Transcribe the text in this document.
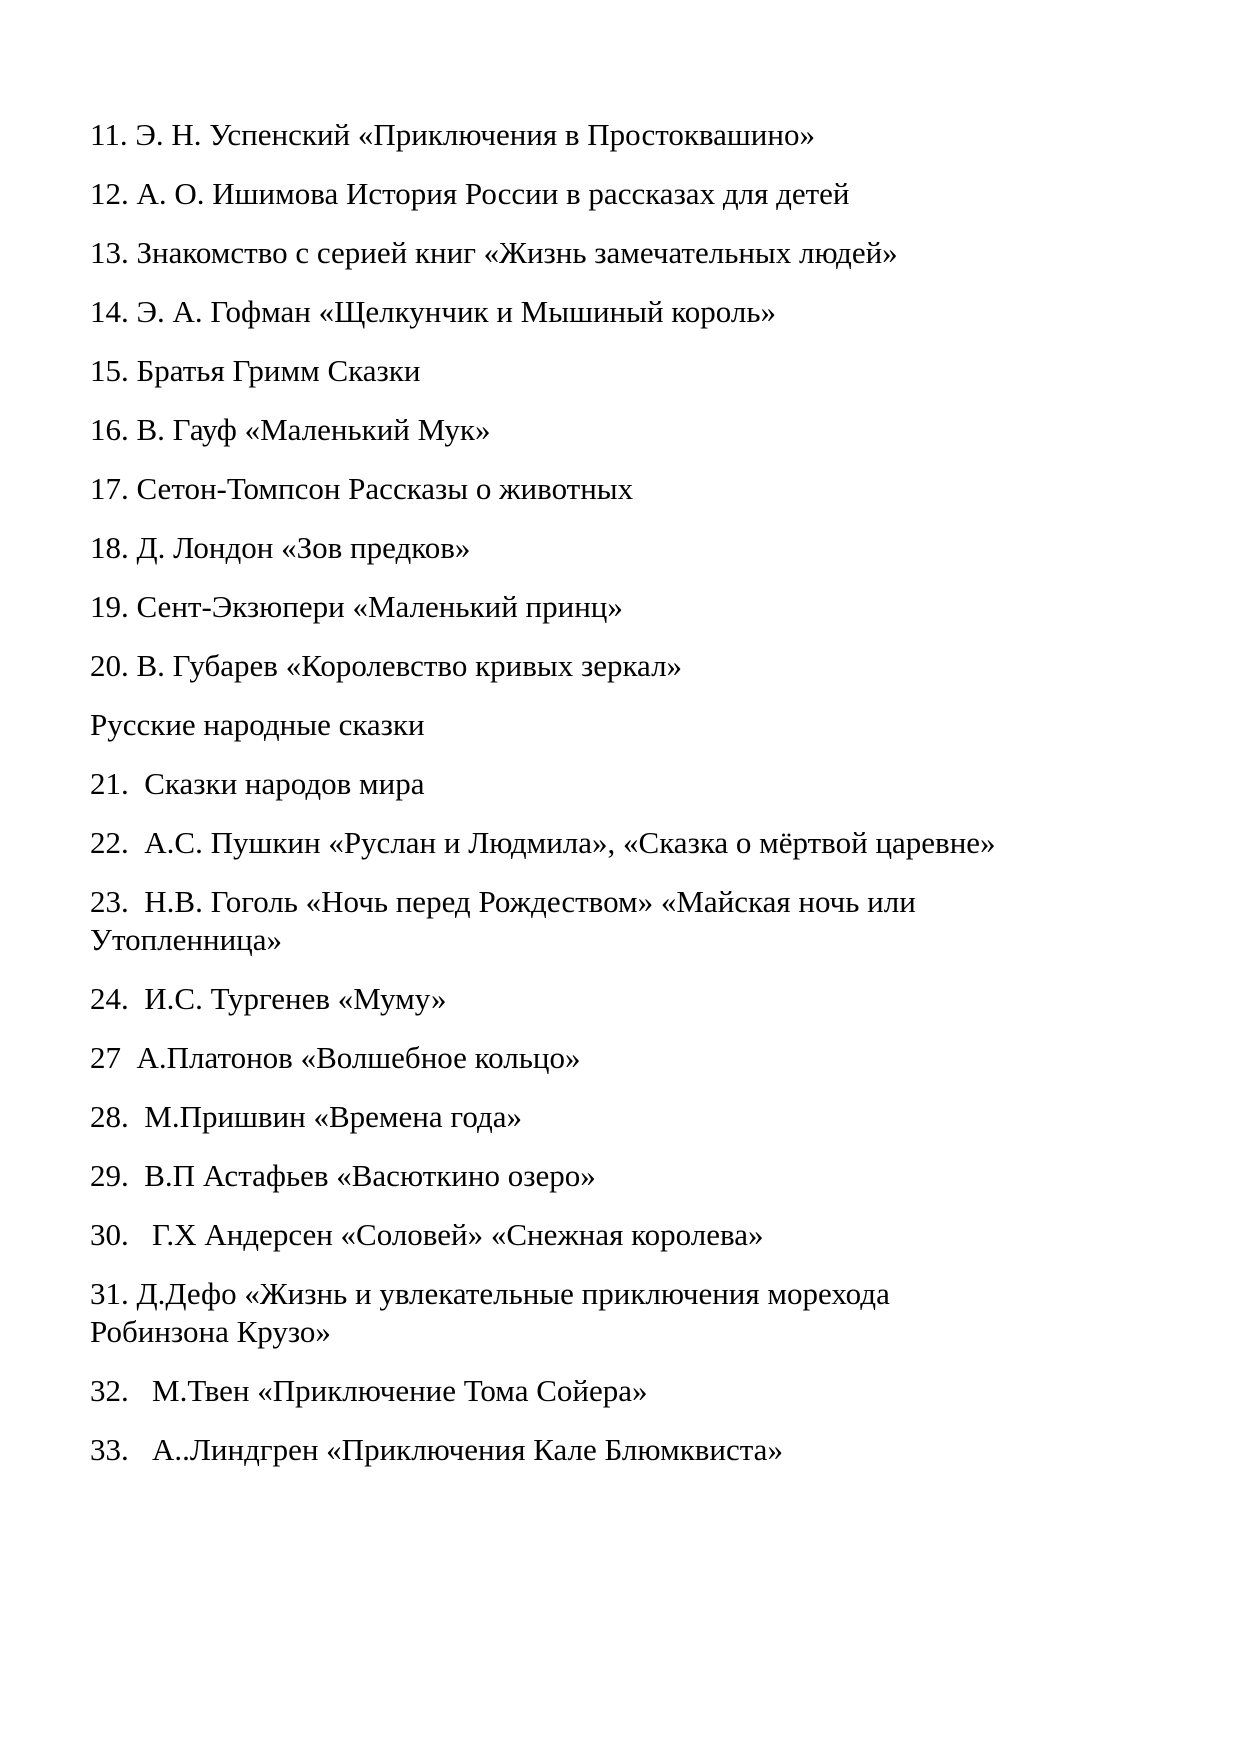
11. Э. Н. Успенский «Приключения в Простоквашино»
12. А. О. Ишимова История России в рассказах для детей
13. Знакомство с серией книг «Жизнь замечательных людей»
14. Э. А. Гофман «Щелкунчик и Мышиный король»
15. Братья Гримм Сказки
16. В. Гауф «Маленький Мук»
17. Сетон-Томпсон Рассказы о животных
18. Д. Лондон «Зов предков»
19. Сент-Экзюпери «Маленький принц»
20. В. Губарев «Королевство кривых зеркал»
Русские народные сказки
21.  Сказки народов мира
22.  А.С. Пушкин «Руслан и Людмила», «Сказка о мёртвой царевне»
23.  Н.В. Гоголь «Ночь перед Рождеством» «Майская ночь или Утопленница»
24.  И.С. Тургенев «Муму»
27  А.Платонов «Волшебное кольцо»
28.  М.Пришвин «Времена года»
29.  В.П Астафьев «Васюткино озеро»
30.   Г.Х Андерсен «Соловей» «Снежная королева»
31. Д.Дефо «Жизнь и увлекательные приключения морехода Робинзона Крузо»
32.   М.Твен «Приключение Тома Сойера»
33.   А..Линдгрен «Приключения Кале Блюмквиста»
